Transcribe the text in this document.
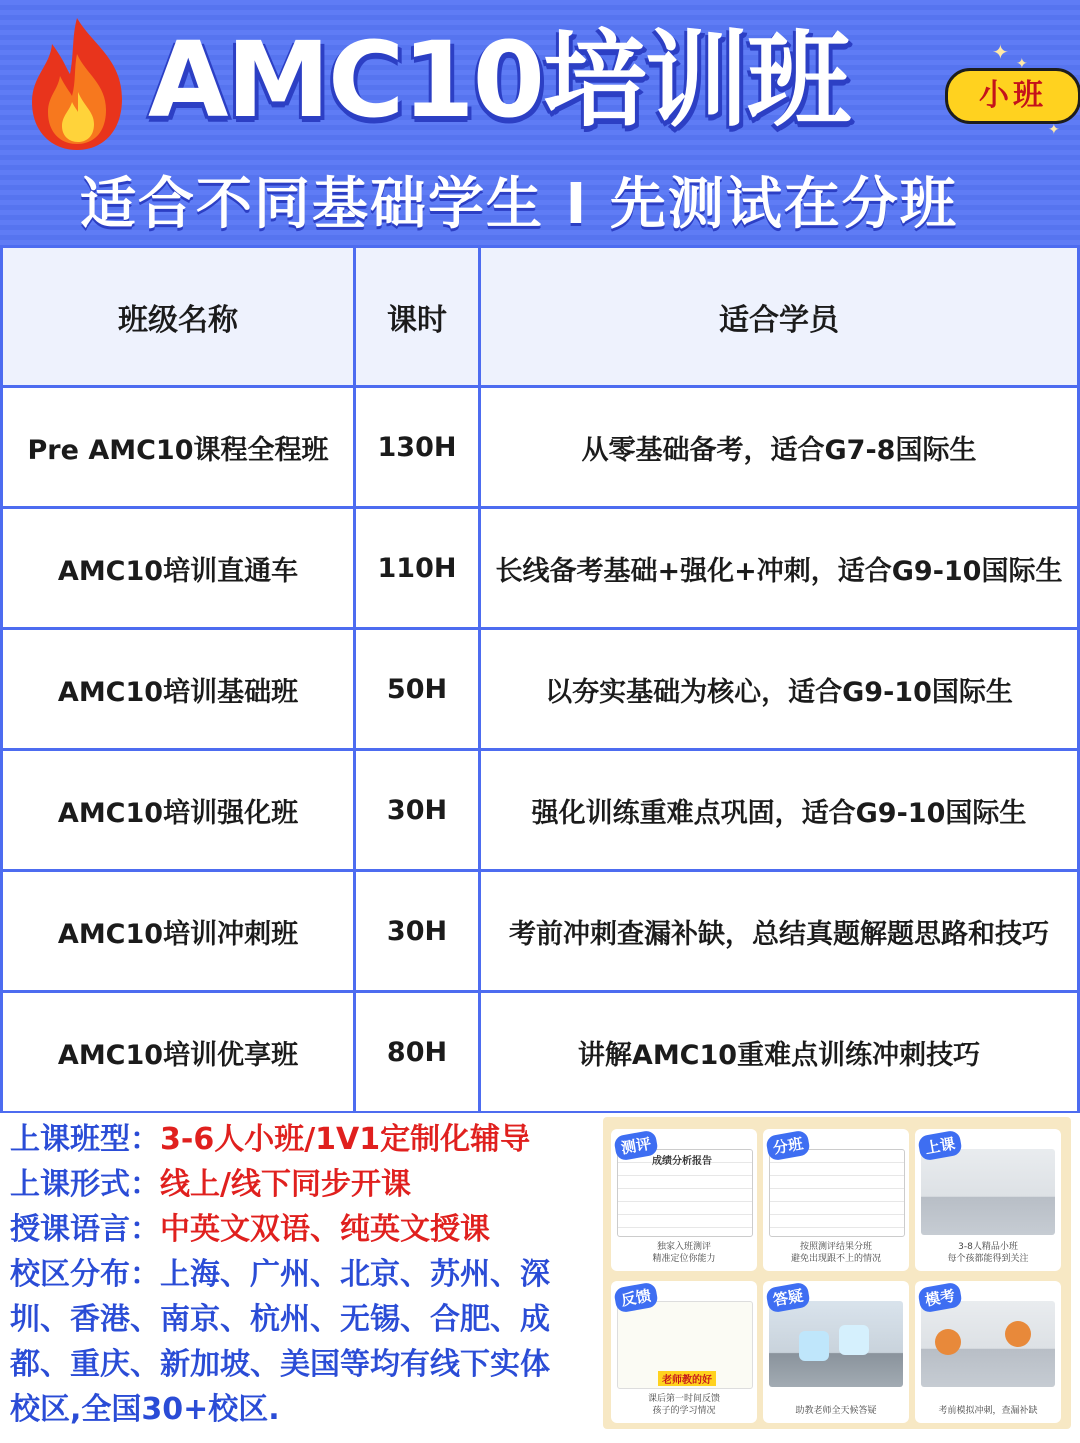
AMC10培训班	小班
✦ ✦
✦
适合不同基础学生 I 先测试在分班
班级名称	课时	适合学员
Pre AMC10课程全程班	130H	从零基础备考，适合G7-8国际生
AMC10培训直通车	110H	长线备考基础+强化+冲刺，适合G9-10国际生
AMC10培训基础班	50H	以夯实基础为核心，适合G9-10国际生
AMC10培训强化班	30H	强化训练重难点巩固，适合G9-10国际生
AMC10培训冲刺班	30H	考前冲刺查漏补缺，总结真题解题思路和技巧
AMC10培训优享班	80H	讲解AMC10重难点训练冲刺技巧
上课班型：3-6人小班/1V1定制化辅导
上课形式：线上/线下同步开课
授课语言：中英文双语、纯英文授课
校区分布：上海、广州、北京、苏州、深
圳、香港、南京、杭州、无锡、合肥、成
都、重庆、新加坡、美国等均有线下实体
校区,全国30+校区.
成绩分析报告
测评
独家入班测评
精准定位你能力
分班
按照测评结果分班
避免出现跟不上的情况
上课
3-8人精品小班
每个孩都能得到关注
老师教的好
反馈
课后第一时间反馈
孩子的学习情况
答疑
助教老师全天候答疑
模考
考前模拟冲刺，查漏补缺
